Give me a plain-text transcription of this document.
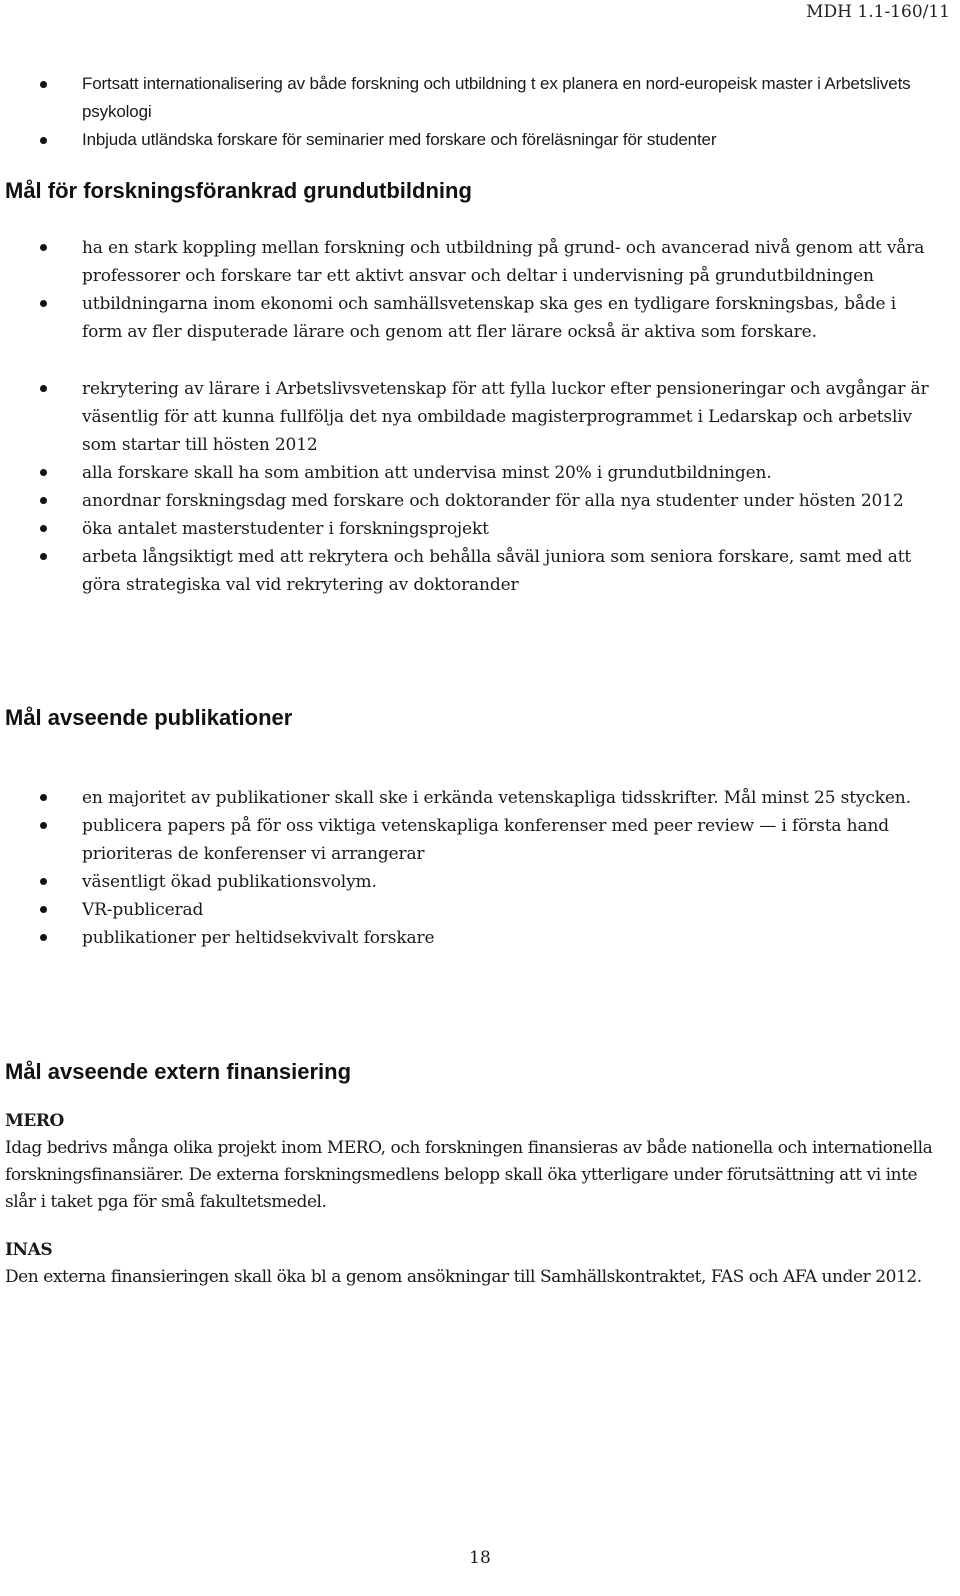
MDH 1.1-160/11
Fortsatt internationalisering av både forskning och utbildning t ex planera en nord-europeisk master i Arbetslivets psykologi
Inbjuda utländska forskare för seminarier med forskare och föreläsningar för studenter
Mål för forskningsförankrad grundutbildning
ha en stark koppling mellan forskning och utbildning på grund- och avancerad nivå genom att våra professorer och forskare tar ett aktivt ansvar och deltar i undervisning på grundutbildningen
utbildningarna inom ekonomi och samhällsvetenskap ska ges en tydligare forskningsbas, både i form av fler disputerade lärare och genom att fler lärare också är aktiva som forskare.
rekrytering av lärare i Arbetslivsvetenskap för att fylla luckor efter pensioneringar och avgångar är väsentlig för att kunna fullfölja det nya ombildade magisterprogrammet i Ledarskap och arbetsliv som startar till hösten 2012
alla forskare skall ha som ambition att undervisa minst 20% i grundutbildningen.
anordnar forskningsdag med forskare och doktorander för alla nya studenter under hösten 2012
öka antalet masterstudenter i forskningsprojekt
arbeta långsiktigt med att rekrytera och behålla såväl juniora som seniora forskare, samt med att göra strategiska val vid rekrytering av doktorander
Mål avseende publikationer
en majoritet av publikationer skall ske i erkända vetenskapliga tidsskrifter. Mål minst 25 stycken.
publicera papers på för oss viktiga vetenskapliga konferenser med peer review — i första hand prioriteras de konferenser vi arrangerar
väsentligt ökad publikationsvolym.
VR-publicerad
publikationer per heltidsekvivalt forskare
Mål avseende extern finansiering
MERO
Idag bedrivs många olika projekt inom MERO, och forskningen finansieras av både nationella och internationella forskningsfinansiärer. De externa forskningsmedlens belopp skall öka ytterligare under förutsättning att vi inte slår i taket pga för små fakultetsmedel.
INAS
Den externa finansieringen skall öka bl a genom ansökningar till Samhällskontraktet, FAS och AFA under 2012.
18
